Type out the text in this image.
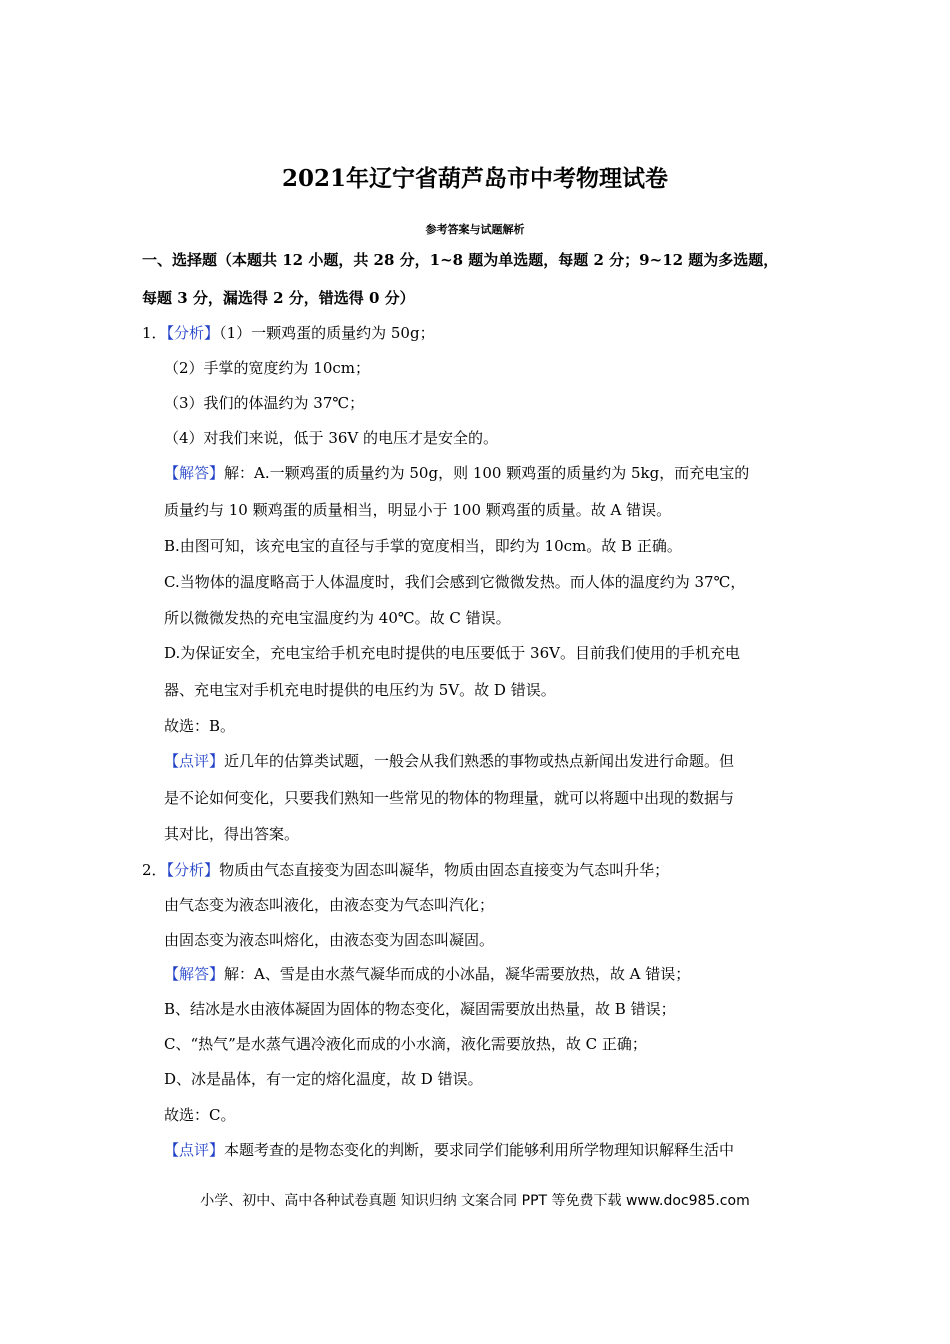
2021年辽宁省葫芦岛市中考物理试卷
参考答案与试题解析
一、选择题（本题共 12 小题，共 28 分，1~8 题为单选题，每题 2 分；9~12 题为多选题，
每题 3 分，漏选得 2 分，错选得 0 分）
1．【分析】（1）一颗鸡蛋的质量约为 50g；
（2）手掌的宽度约为 10cm；
（3）我们的体温约为 37℃；
（4）对我们来说，低于 36V 的电压才是安全的。
【解答】解：A.一颗鸡蛋的质量约为 50g，则 100 颗鸡蛋的质量约为 5kg，而充电宝的
质量约与 10 颗鸡蛋的质量相当，明显小于 100 颗鸡蛋的质量。故 A 错误。
B.由图可知，该充电宝的直径与手掌的宽度相当，即约为 10cm。故 B 正确。
C.当物体的温度略高于人体温度时，我们会感到它微微发热。而人体的温度约为 37℃，
所以微微发热的充电宝温度约为 40℃。故 C 错误。
D.为保证安全，充电宝给手机充电时提供的电压要低于 36V。目前我们使用的手机充电
器、充电宝对手机充电时提供的电压约为 5V。故 D 错误。
故选：B。
【点评】近几年的估算类试题，一般会从我们熟悉的事物或热点新闻出发进行命题。但
是不论如何变化，只要我们熟知一些常见的物体的物理量，就可以将题中出现的数据与
其对比，得出答案。
2．【分析】物质由气态直接变为固态叫凝华，物质由固态直接变为气态叫升华；
由气态变为液态叫液化，由液态变为气态叫汽化；
由固态变为液态叫熔化，由液态变为固态叫凝固。
【解答】解：A、雪是由水蒸气凝华而成的小冰晶，凝华需要放热，故 A 错误；
B、结冰是水由液体凝固为固体的物态变化，凝固需要放出热量，故 B 错误；
C、“热气”是水蒸气遇冷液化而成的小水滴，液化需要放热，故 C 正确；
D、冰是晶体，有一定的熔化温度，故 D 错误。
故选：C。
【点评】本题考查的是物态变化的判断，要求同学们能够利用所学物理知识解释生活中
小学、初中、高中各种试卷真题 知识归纳 文案合同 PPT 等免费下载 www.doc985.com
